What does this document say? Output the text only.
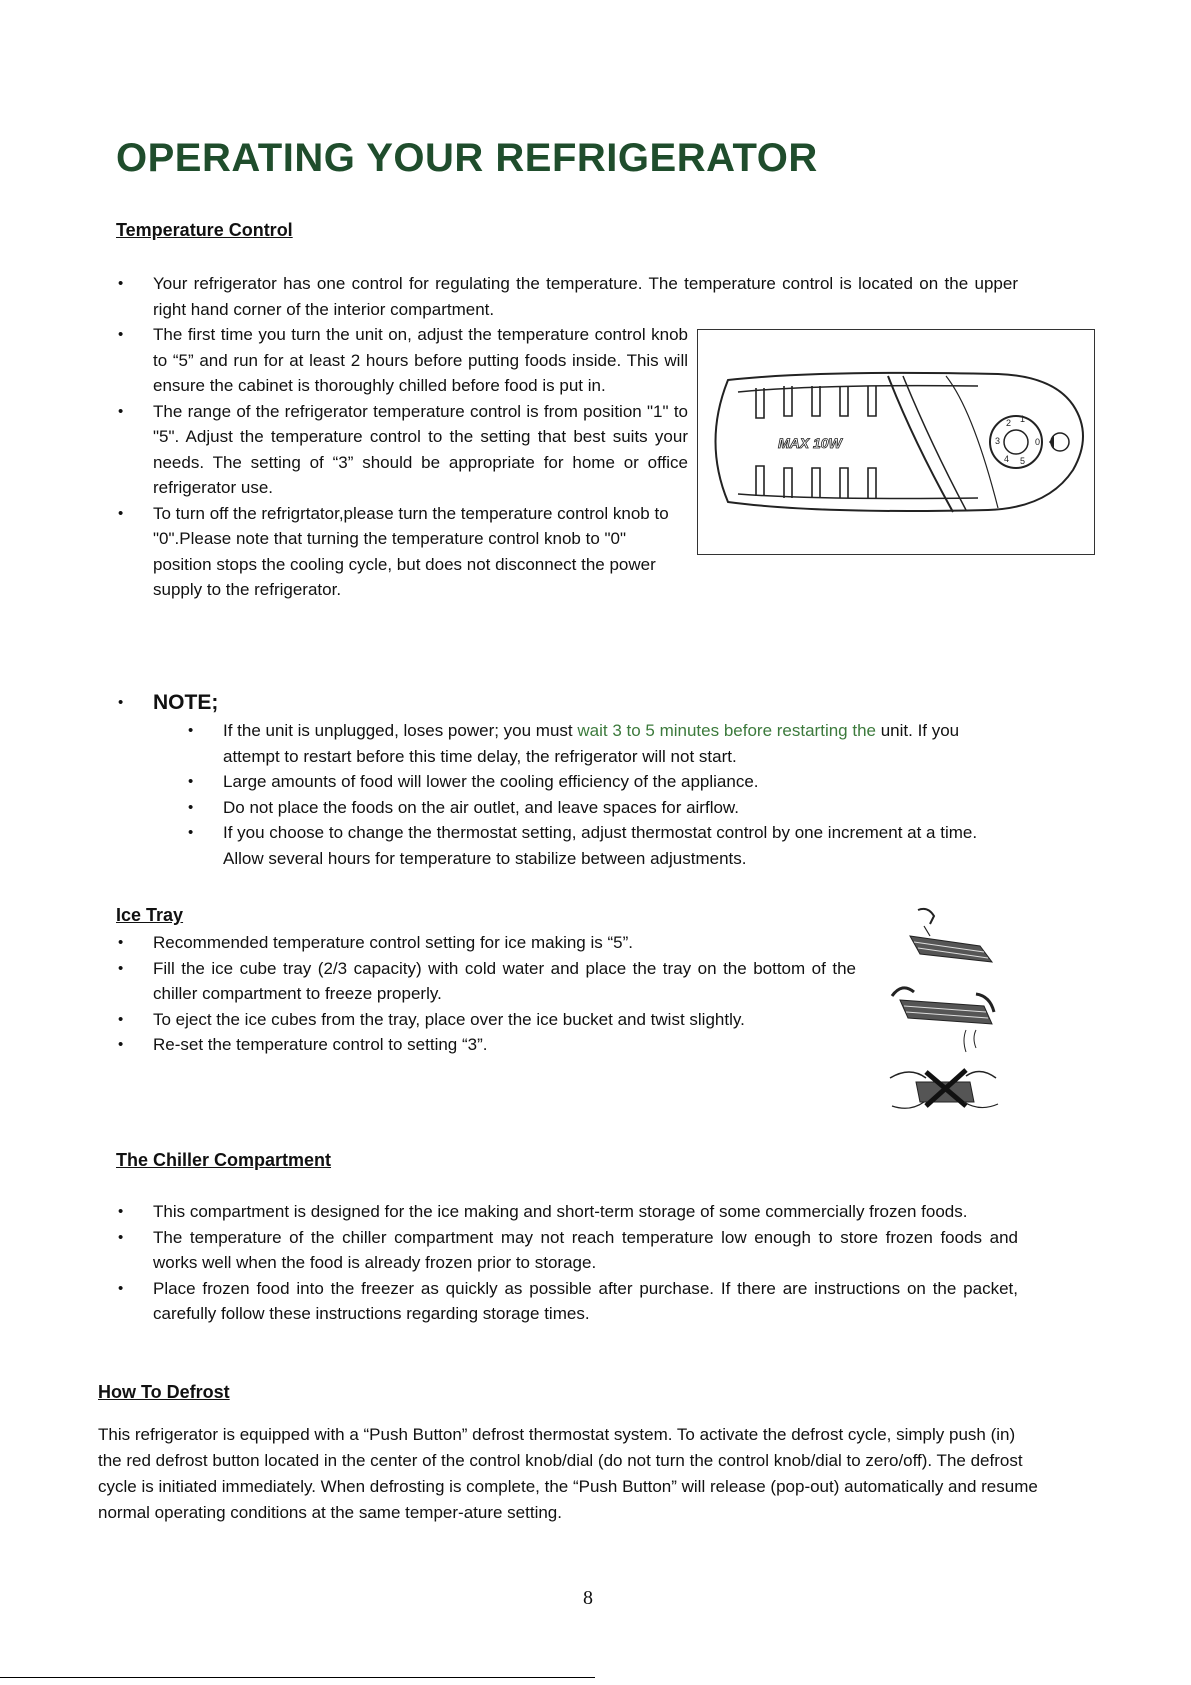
OPERATING YOUR REFRIGERATOR
Temperature Control
• Your refrigerator has one control for regulating the temperature. The temperature control is located on the upper right hand corner of the interior compartment.
• The first time you turn the unit on, adjust the temperature control knob to “5” and run for at least 2 hours before putting foods inside. This will ensure the cabinet is thoroughly chilled before food is put in.
• The range of the refrigerator temperature control is from position "1" to "5". Adjust the temperature control to the setting that best suits your needs. The setting of “3” should be appropriate for home or office refrigerator use.
• To turn off the refrigrtator,please turn the temperature control knob to "0".Please note that turning the temperature control knob to "0" position stops the cooling cycle, but does not disconnect the power supply to the refrigerator.
MAX 10W
1
2
3
4 5
0
• NOTE;
• If the unit is unplugged, loses power; you must wait 3 to 5 minutes before restarting the unit. If you attempt to restart before this time delay, the refrigerator will not start.
• Large amounts of food will lower the cooling efficiency of the appliance.
• Do not place the foods on the air outlet, and leave spaces for airflow.
• If you choose to change the thermostat setting, adjust thermostat control by one increment at a time. Allow several hours for temperature to stabilize between adjustments.
Ice Tray
• Recommended temperature control setting for ice making is “5”.
• Fill the ice cube tray (2/3 capacity) with cold water and place the tray on the bottom of the chiller compartment to freeze properly.
• To eject the ice cubes from the tray, place over the ice bucket and twist slightly.
• Re-set the temperature control to setting “3”.
The Chiller Compartment
• This compartment is designed for the ice making and short-term storage of some commercially frozen foods.
• The temperature of the chiller compartment may not reach temperature low enough to store frozen foods and works well when the food is already frozen prior to storage.
• Place frozen food into the freezer as quickly as possible after purchase. If there are instructions on the packet, carefully follow these instructions regarding storage times.
How To Defrost

This refrigerator is equipped with a “Push Button” defrost thermostat system. To activate the defrost cycle, simply push (in) the red defrost button located in the center of the control knob/dial (do not turn the control knob/dial to zero/off). The defrost cycle is initiated immediately. When defrosting is complete, the “Push Button” will release (pop-out) automatically and resume normal operating conditions at the same temper-ature setting.

8
